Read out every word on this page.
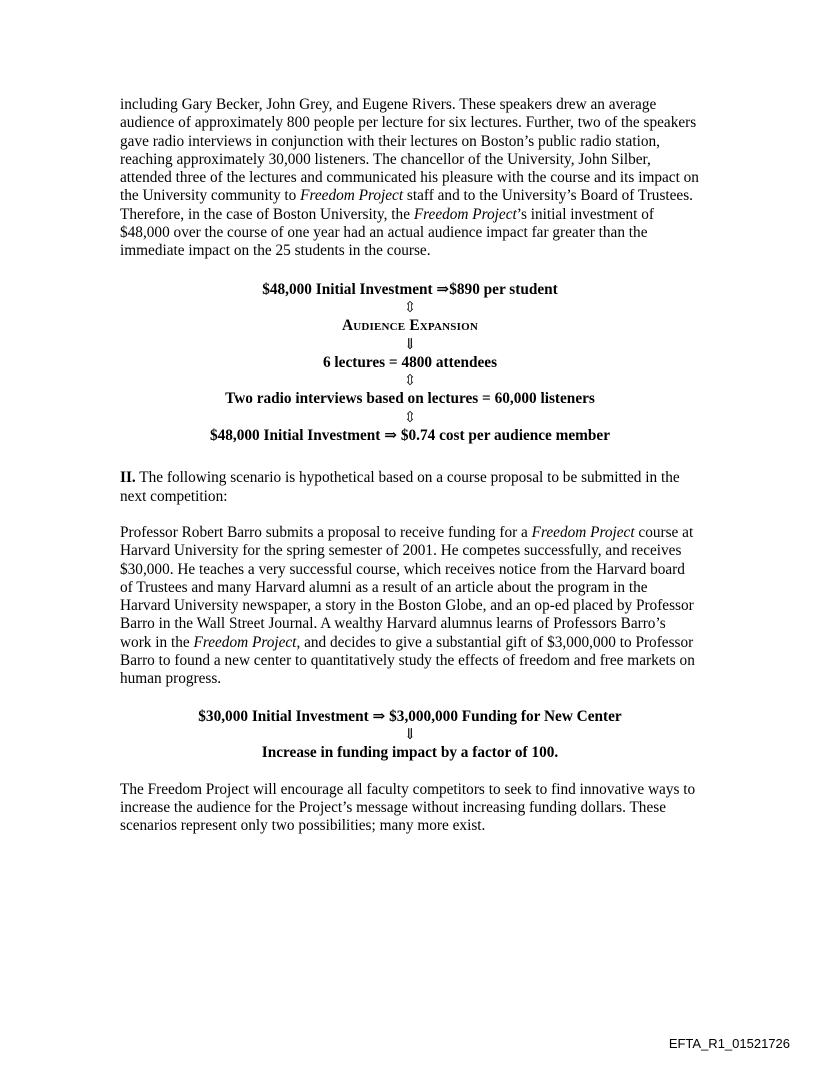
including Gary Becker, John Grey, and Eugene Rivers. These speakers drew an average audience of approximately 800 people per lecture for six lectures. Further, two of the speakers gave radio interviews in conjunction with their lectures on Boston’s public radio station, reaching approximately 30,000 listeners. The chancellor of the University, John Silber, attended three of the lectures and communicated his pleasure with the course and its impact on the University community to Freedom Project staff and to the University’s Board of Trustees. Therefore, in the case of Boston University, the Freedom Project’s initial investment of $48,000 over the course of one year had an actual audience impact far greater than the immediate impact on the 25 students in the course.

$48,000 Initial Investment ⇒$890 per student
⇳
Audience Expansion
⇓
6 lectures = 4800 attendees
⇳
Two radio interviews based on lectures = 60,000 listeners
⇳
$48,000 Initial Investment ⇒ $0.74 cost per audience member

II. The following scenario is hypothetical based on a course proposal to be submitted in the next competition:

Professor Robert Barro submits a proposal to receive funding for a Freedom Project course at Harvard University for the spring semester of 2001. He competes successfully, and receives $30,000. He teaches a very successful course, which receives notice from the Harvard board of Trustees and many Harvard alumni as a result of an article about the program in the Harvard University newspaper, a story in the Boston Globe, and an op-ed placed by Professor Barro in the Wall Street Journal. A wealthy Harvard alumnus learns of Professors Barro’s work in the Freedom Project, and decides to give a substantial gift of $3,000,000 to Professor Barro to found a new center to quantitatively study the effects of freedom and free markets on human progress.

$30,000 Initial Investment ⇒ $3,000,000 Funding for New Center
⇓
Increase in funding impact by a factor of 100.

The Freedom Project will encourage all faculty competitors to seek to find innovative ways to increase the audience for the Project’s message without increasing funding dollars. These scenarios represent only two possibilities; many more exist.

EFTA_R1_01521726
